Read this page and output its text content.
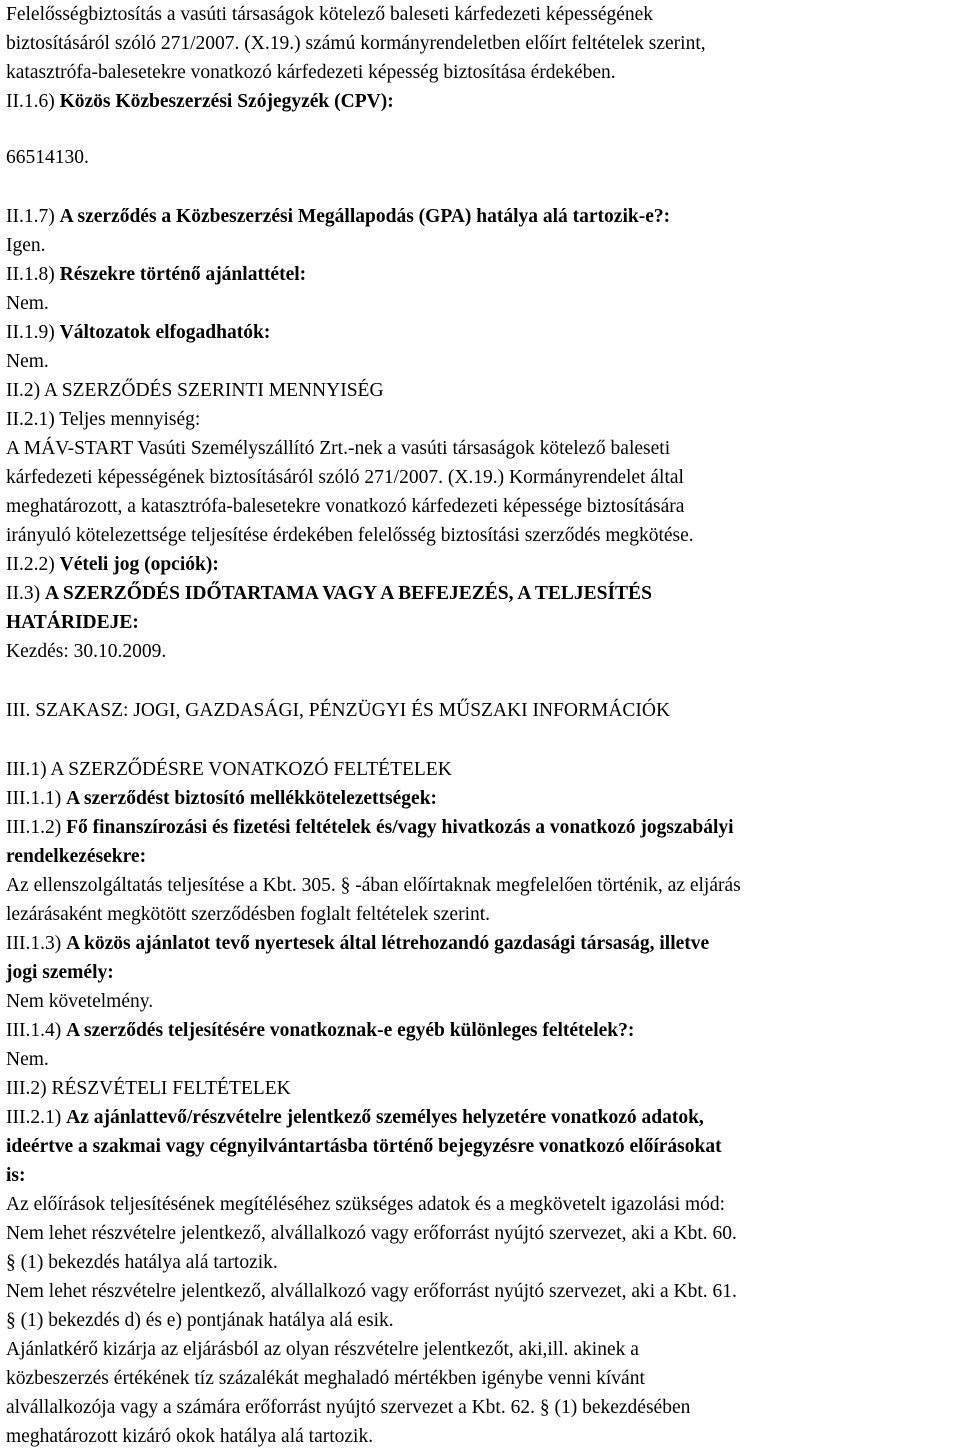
Felelősségbiztosítás a vasúti társaságok kötelező baleseti kárfedezeti képességének
biztosításáról szóló 271/2007. (X.19.) számú kormányrendeletben előírt feltételek szerint,
katasztrófa-balesetekre vonatkozó kárfedezeti képesség biztosítása érdekében.
II.1.6) Közös Közbeszerzési Szójegyzék (CPV):
66514130.
II.1.7) A szerződés a Közbeszerzési Megállapodás (GPA) hatálya alá tartozik-e?:
Igen.
II.1.8) Részekre történő ajánlattétel:
Nem.
II.1.9) Változatok elfogadhatók:
Nem.
II.2) A SZERZŐDÉS SZERINTI MENNYISÉG
II.2.1) Teljes mennyiség:
A MÁV-START Vasúti Személyszállító Zrt.-nek a vasúti társaságok kötelező baleseti
kárfedezeti képességének biztosításáról szóló 271/2007. (X.19.) Kormányrendelet által
meghatározott, a katasztrófa-balesetekre vonatkozó kárfedezeti képessége biztosítására
irányuló kötelezettsége teljesítése érdekében felelősség biztosítási szerződés megkötése.
II.2.2) Vételi jog (opciók):
II.3) A SZERZŐDÉS IDŐTARTAMA VAGY A BEFEJEZÉS, A TELJESÍTÉS
HATÁRIDEJE:
Kezdés: 30.10.2009.
III. SZAKASZ: JOGI, GAZDASÁGI, PÉNZÜGYI ÉS MŰSZAKI INFORMÁCIÓK
III.1) A SZERZŐDÉSRE VONATKOZÓ FELTÉTELEK
III.1.1) A szerződést biztosító mellékkötelezettségek:
III.1.2) Fő finanszírozási és fizetési feltételek és/vagy hivatkozás a vonatkozó jogszabályi
rendelkezésekre:
Az ellenszolgáltatás teljesítése a Kbt. 305. § -ában előírtaknak megfelelően történik, az eljárás
lezárásaként megkötött szerződésben foglalt feltételek szerint.
III.1.3) A közös ajánlatot tevő nyertesek által létrehozandó gazdasági társaság, illetve
jogi személy:
Nem követelmény.
III.1.4) A szerződés teljesítésére vonatkoznak-e egyéb különleges feltételek?:
Nem.
III.2) RÉSZVÉTELI FELTÉTELEK
III.2.1) Az ajánlattevő/részvételre jelentkező személyes helyzetére vonatkozó adatok,
ideértve a szakmai vagy cégnyilvántartásba történő bejegyzésre vonatkozó előírásokat
is:
Az előírások teljesítésének megítéléséhez szükséges adatok és a megkövetelt igazolási mód:
Nem lehet részvételre jelentkező, alvállalkozó vagy erőforrást nyújtó szervezet, aki a Kbt. 60.
§ (1) bekezdés hatálya alá tartozik.
Nem lehet részvételre jelentkező, alvállalkozó vagy erőforrást nyújtó szervezet, aki a Kbt. 61.
§ (1) bekezdés d) és e) pontjának hatálya alá esik.
Ajánlatkérő kizárja az eljárásból az olyan részvételre jelentkezőt, aki,ill. akinek a
közbeszerzés értékének tíz százalékát meghaladó mértékben igénybe venni kívánt
alvállalkozója vagy a számára erőforrást nyújtó szervezet a Kbt. 62. § (1) bekezdésében
meghatározott kizáró okok hatálya alá tartozik.
